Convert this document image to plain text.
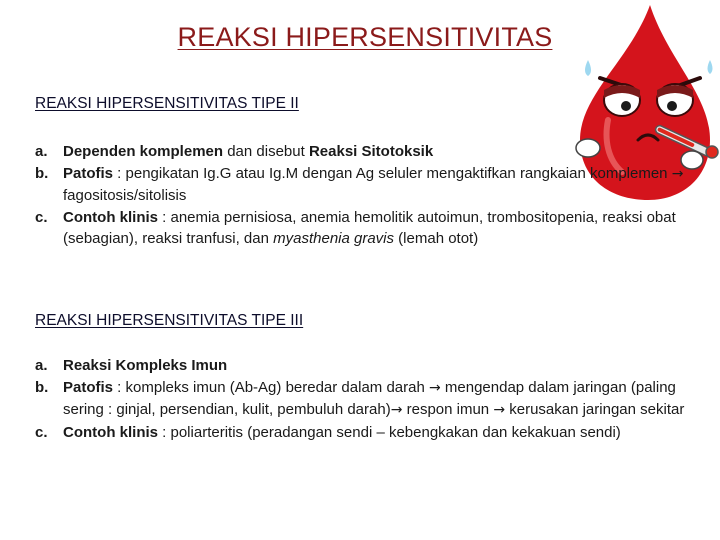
REAKSI HIPERSENSITIVITAS
REAKSI HIPERSENSITIVITAS TIPE II
a. Dependen komplemen dan disebut Reaksi Sitotoksik
b. Patofis : pengikatan Ig.G atau Ig.M dengan Ag seluler mengaktifkan rangkaian komplemen → fagositosis/sitolisis
c. Contoh klinis : anemia pernisiosa, anemia hemolitik autoimun, trombositopenia, reaksi obat (sebagian), reaksi tranfusi, dan myasthenia gravis (lemah otot)
REAKSI HIPERSENSITIVITAS TIPE III
a. Reaksi Kompleks Imun
b. Patofis : kompleks imun (Ab-Ag) beredar dalam darah → mengendap dalam jaringan (paling sering : ginjal, persendian, kulit, pembuluh darah)→ respon imun → kerusakan jaringan sekitar
c. Contoh klinis : poliarteritis (peradangan sendi – kebengkakan dan kekakuan sendi)
